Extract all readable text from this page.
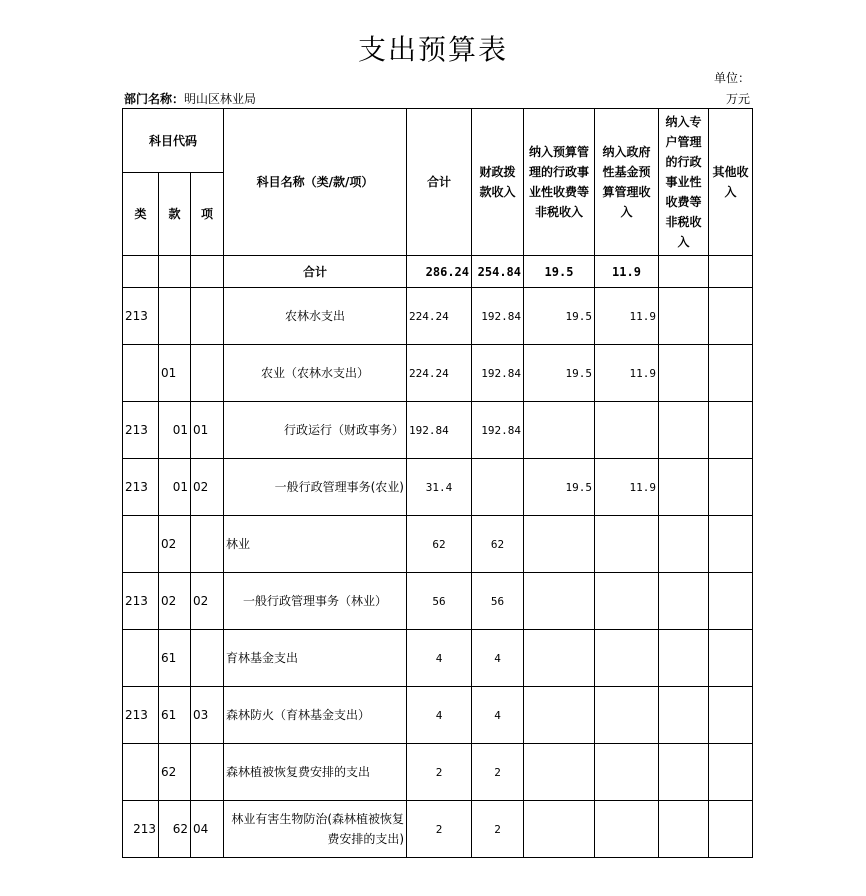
支出预算表
单位：
部门名称：明山区林业局	万元
科目代码			科目名称（类/款/项）	合计	财政拨款收入	纳入预算管理的行政事业性收费等非税收入	纳入政府性基金预算管理收入	纳入专户管理的行政事业性收费等非税收入	其他收入
类	款	项							
			合计	286.24	254.84	19.5	11.9		
213			农林水支出	224.24	192.84	19.5	11.9		
	01		农业（农林水支出）	224.24	192.84	19.5	11.9		
213	01	01	行政运行（财政事务）	192.84	192.84				
213	01	02	一般行政管理事务(农业)	31.4		19.5	11.9		
	02		林业	62	62				
213	02	02	一般行政管理事务（林业）	56	56				
	61		育林基金支出	4	4				
213	61	03	森林防火（育林基金支出）	4	4				
	62		森林植被恢复费安排的支出	2	2				
213	62	04	林业有害生物防治(森林植被恢复费安排的支出)	2	2				
